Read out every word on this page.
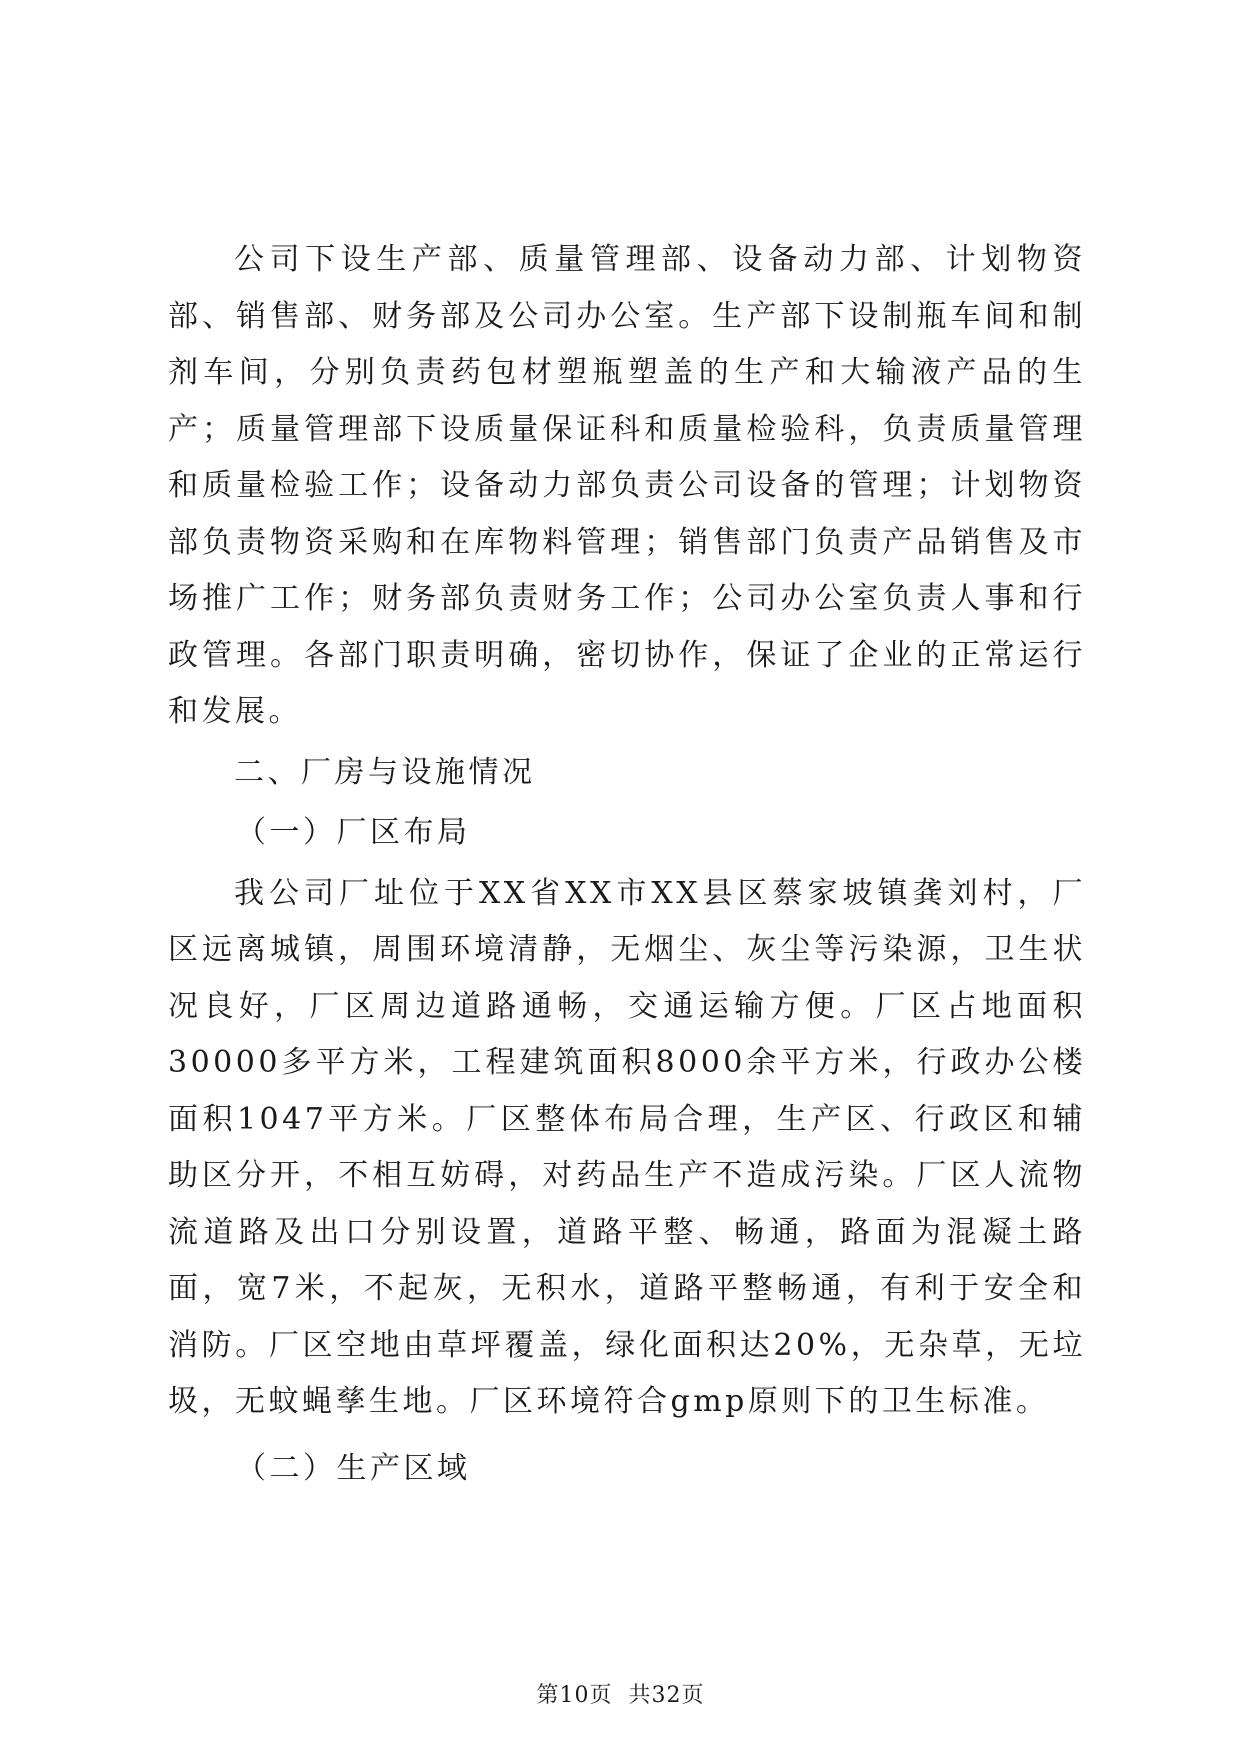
公司下设生产部、质量管理部、设备动力部、计划物资部、销售部、财务部及公司办公室。生产部下设制瓶车间和制剂车间，分别负责药包材塑瓶塑盖的生产和大输液产品的生产；质量管理部下设质量保证科和质量检验科，负责质量管理和质量检验工作；设备动力部负责公司设备的管理；计划物资部负责物资采购和在库物料管理；销售部门负责产品销售及市场推广工作；财务部负责财务工作；公司办公室负责人事和行政管理。各部门职责明确，密切协作，保证了企业的正常运行和发展。

二、厂房与设施情况

（一）厂区布局

我公司厂址位于XX省XX市XX县区蔡家坡镇龚刘村，厂区远离城镇，周围环境清静，无烟尘、灰尘等污染源，卫生状况良好，厂区周边道路通畅，交通运输方便。厂区占地面积30000多平方米，工程建筑面积8000余平方米，行政办公楼面积1047平方米。厂区整体布局合理，生产区、行政区和辅助区分开，不相互妨碍，对药品生产不造成污染。厂区人流物流道路及出口分别设置，道路平整、畅通，路面为混凝土路面，宽7米，不起灰，无积水，道路平整畅通，有利于安全和消防。厂区空地由草坪覆盖，绿化面积达20%，无杂草，无垃圾，无蚊蝇孳生地。厂区环境符合gmp原则下的卫生标准。

（二）生产区域

第10页  共32页
